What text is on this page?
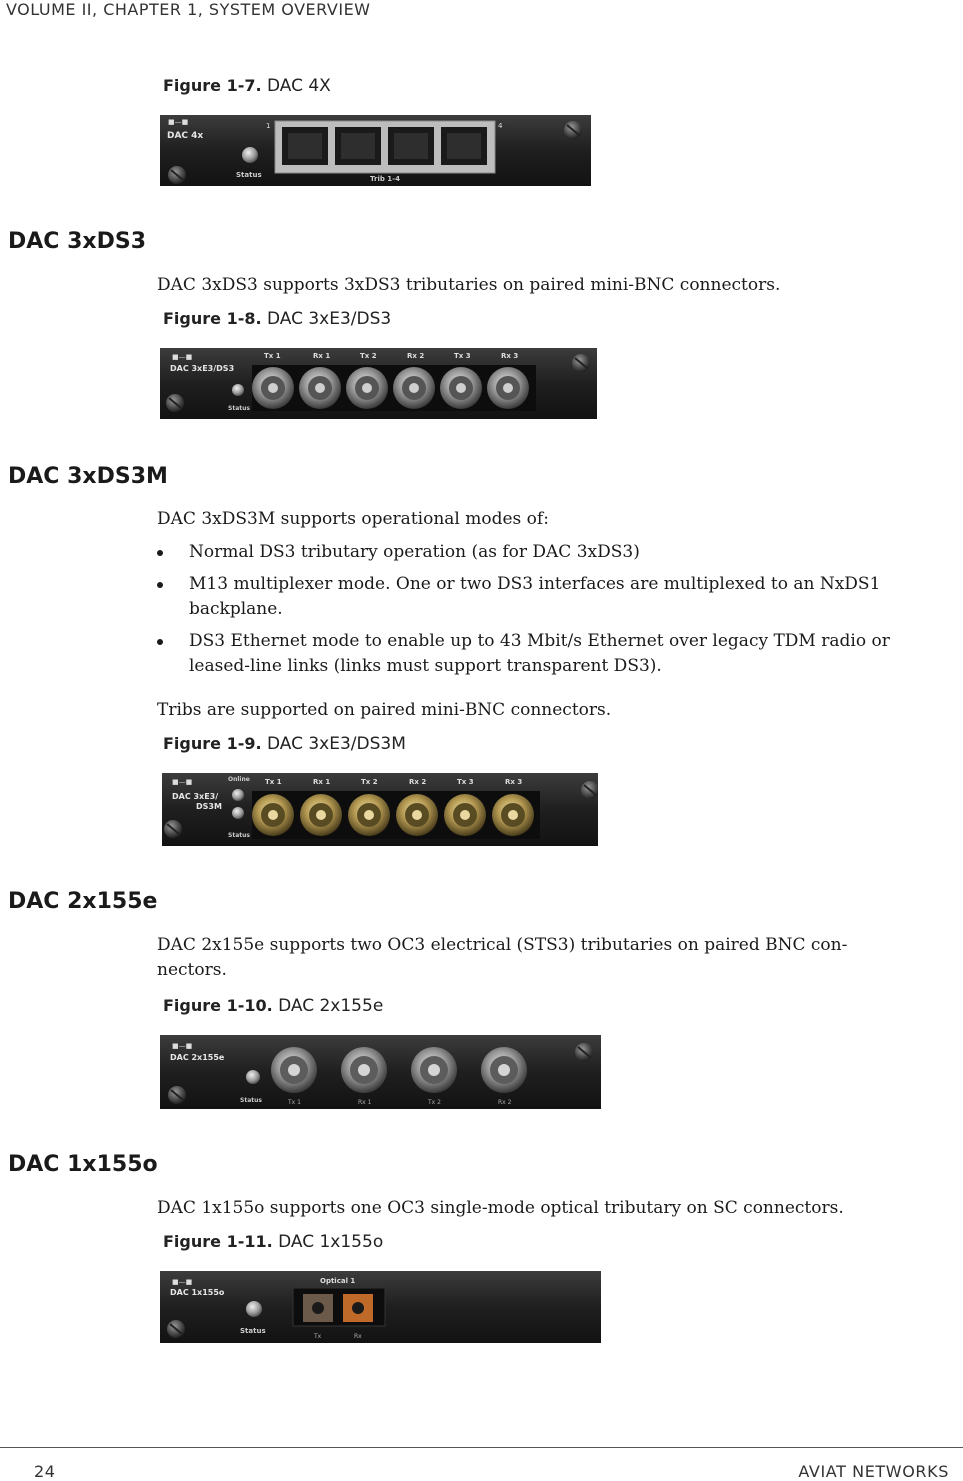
VOLUME II, CHAPTER 1, SYSTEM OVERVIEW
Figure 1-7. DAC 4X
■—■
DAC 4x
Status
1	4
Trib 1-4
DAC 3xDS3
DAC 3xDS3 supports 3xDS3 tributaries on paired mini-BNC connectors.
Figure 1-8. DAC 3xE3/DS3
■—■
DAC 3xE3/DS3
Status
Tx 1	Rx 1	Tx 2	Rx 2	Tx 3	Rx 3
DAC 3xDS3M
DAC 3xDS3M supports operational modes of:
Normal DS3 tributary operation (as for DAC 3xDS3)
M13 multiplexer mode. One or two DS3 interfaces are multiplexed to an NxDS1 backplane.
DS3 Ethernet mode to enable up to 43 Mbit/s Ethernet over legacy TDM radio or leased-line links (links must support transparent DS3).
Tribs are supported on paired mini-BNC connectors.
Figure 1-9. DAC 3xE3/DS3M
■—■
DAC 3xE3/
DS3M
Online
Status
Tx 1	Rx 1	Tx 2	Rx 2	Tx 3	Rx 3
DAC 2x155e
DAC 2x155e supports two OC3 electrical (STS3) tributaries on paired BNC con-nectors.
Figure 1-10. DAC 2x155e
■—■
DAC 2x155e
Status	Tx 1	Rx 1	Tx 2	Rx 2
DAC 1x155o
DAC 1x155o supports one OC3 single-mode optical tributary on SC connectors.
Figure 1-11. DAC 1x155o
■—■
DAC 1x155o
Status
Optical 1
Tx	Rx
24	AVIAT NETWORKS
